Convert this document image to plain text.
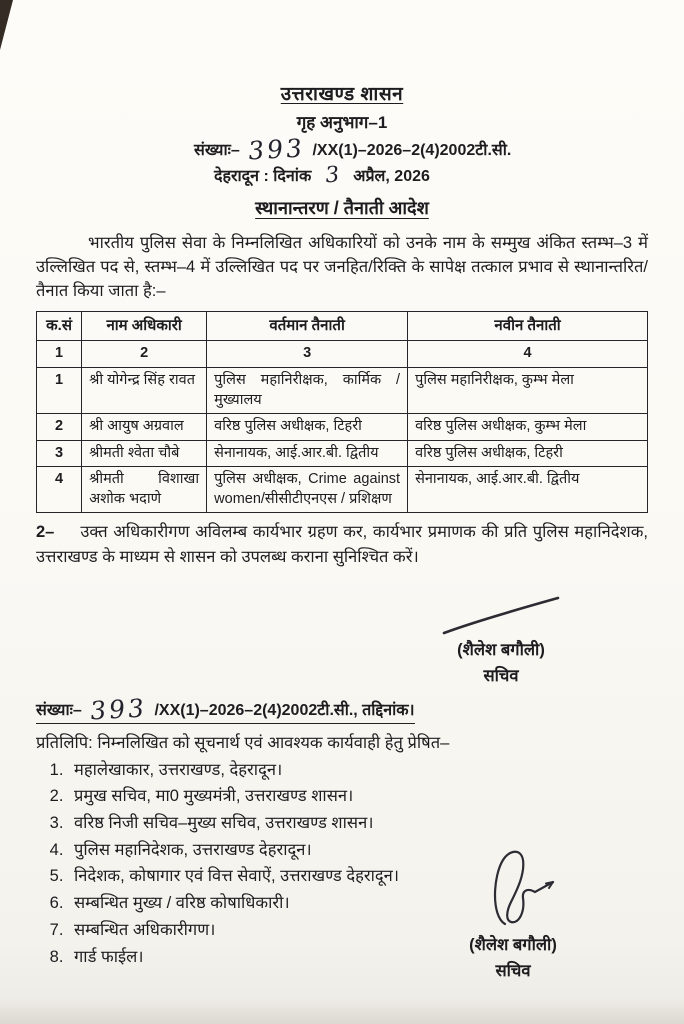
उत्तराखण्ड शासन
गृह अनुभाग–1
संख्याः– 393 /XX(1)–2026–2(4)2002टी.सी.
देहरादून : दिनांक 3 अप्रैल, 2026
स्थानान्तरण / तैनाती आदेश
भारतीय पुलिस सेवा के निम्नलिखित अधिकारियों को उनके नाम के सम्मुख अंकित स्तम्भ–3 में उल्लिखित पद से, स्तम्भ–4 में उल्लिखित पद पर जनहित/रिक्ति के सापेक्ष तत्काल प्रभाव से स्थानान्तरित/तैनात किया जाता है:–
क.सं	नाम अधिकारी	वर्तमान तैनाती	नवीन तैनाती
1	2	3	4
1	श्री योगेन्द्र सिंह रावत	पुलिस महानिरीक्षक, कार्मिक / मुख्यालय	पुलिस महानिरीक्षक, कुम्भ मेला
2	श्री आयुष अग्रवाल	वरिष्ठ पुलिस अधीक्षक, टिहरी	वरिष्ठ पुलिस अधीक्षक, कुम्भ मेला
3	श्रीमती श्वेता चौबे	सेनानायक, आई.आर.बी. द्वितीय	वरिष्ठ पुलिस अधीक्षक, टिहरी
4	श्रीमती विशाखा अशोक भदाणे	पुलिस अधीक्षक, Crime against women/सीसीटीएनएस / प्रशिक्षण	सेनानायक, आई.आर.बी. द्वितीय
2– उक्त अधिकारीगण अविलम्ब कार्यभार ग्रहण कर, कार्यभार प्रमाणक की प्रति पुलिस महानिदेशक, उत्तराखण्ड के माध्यम से शासन को उपलब्ध कराना सुनिश्चित करें।
(शैलेश बगौली)
सचिव
संख्याः– 393 /XX(1)–2026–2(4)2002टी.सी., तद्दिनांक।
प्रतिलिपि: निम्नलिखित को सूचनार्थ एवं आवश्यक कार्यवाही हेतु प्रेषित–
1. महालेखाकार, उत्तराखण्ड, देहरादून।
2. प्रमुख सचिव, मा0 मुख्यमंत्री, उत्तराखण्ड शासन।
3. वरिष्ठ निजी सचिव–मुख्य सचिव, उत्तराखण्ड शासन।
4. पुलिस महानिदेशक, उत्तराखण्ड देहरादून।
5. निदेशक, कोषागार एवं वित्त सेवाऐं, उत्तराखण्ड देहरादून।
6. सम्बन्धित मुख्य / वरिष्ठ कोषाधिकारी।
7. सम्बन्धित अधिकारीगण।
8. गार्ड फाईल।
(शैलेश बगौली)
सचिव
